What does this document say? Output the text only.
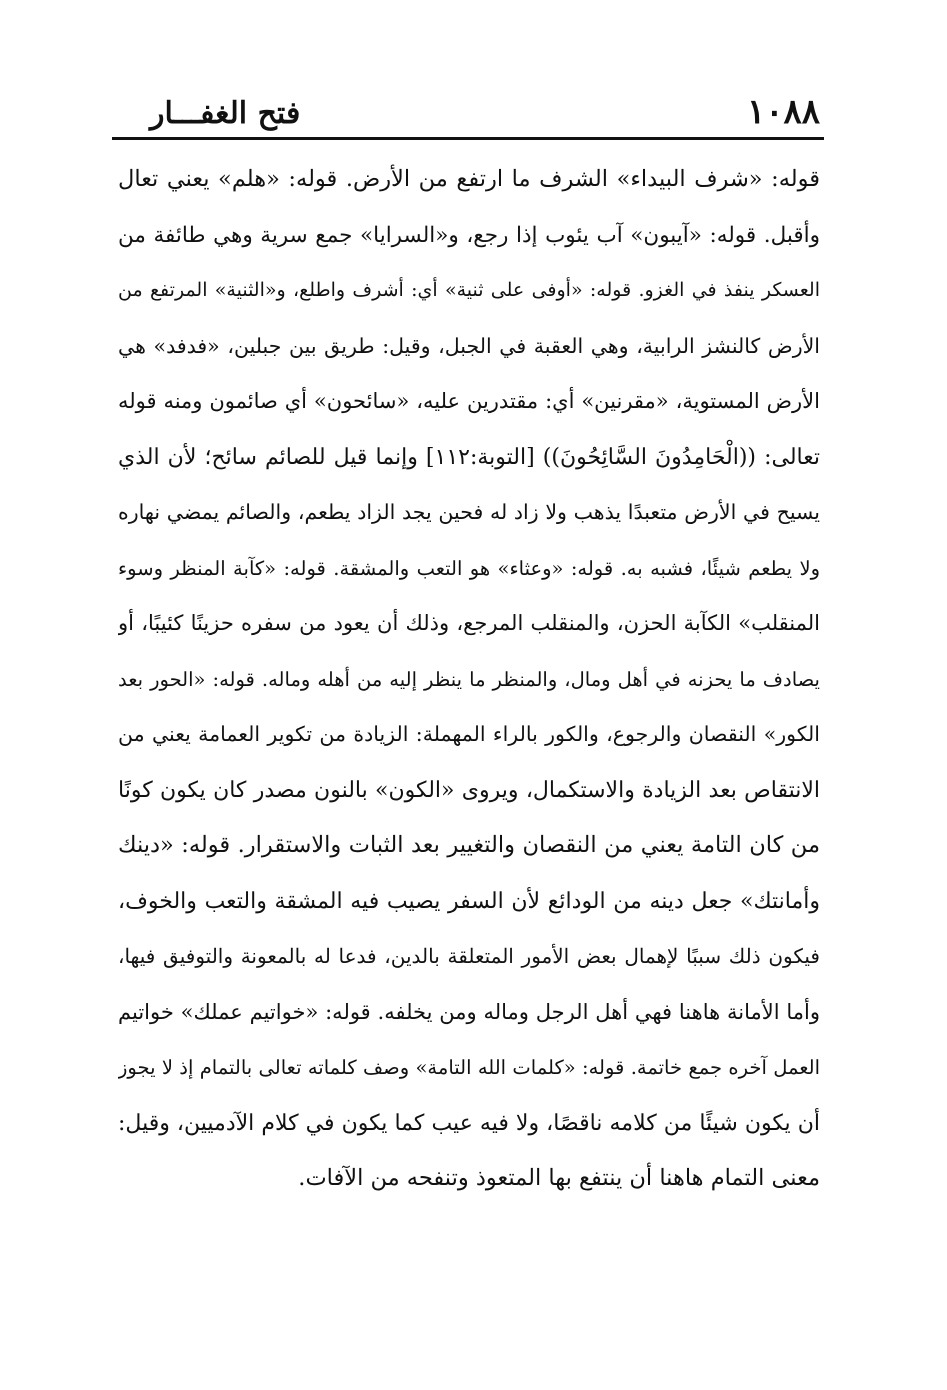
١٠٨٨
فتح الغفـــار
قوله: «شرف البيداء» الشرف ما ارتفع من الأرض. قوله: «هلم» يعني تعال
وأقبل. قوله: «آيبون» آب يئوب إذا رجع، و«السرايا» جمع سرية وهي طائفة من
العسكر ينفذ في الغزو. قوله: «أوفى على ثنية» أي: أشرف واطلع، و«الثنية» المرتفع من
الأرض كالنشز الرابية، وهي العقبة في الجبل، وقيل: طريق بين جبلين، «فدفد» هي
الأرض المستوية، «مقرنين» أي: مقتدرين عليه، «سائحون» أي صائمون ومنه قوله
تعالى: ((الْحَامِدُونَ السَّائِحُونَ)) [التوبة:١١٢] وإنما قيل للصائم سائح؛ لأن الذي
يسيح في الأرض متعبدًا يذهب ولا زاد له فحين يجد الزاد يطعم، والصائم يمضي نهاره
ولا يطعم شيئًا، فشبه به. قوله: «وعثاء» هو التعب والمشقة. قوله: «كآبة المنظر وسوء
المنقلب» الكآبة الحزن، والمنقلب المرجع، وذلك أن يعود من سفره حزينًا كئيبًا، أو
يصادف ما يحزنه في أهل ومال، والمنظر ما ينظر إليه من أهله وماله. قوله: «الحور بعد
الكور» النقصان والرجوع، والكور بالراء المهملة: الزيادة من تكوير العمامة يعني من
الانتقاص بعد الزيادة والاستكمال، ويروى «الكون» بالنون مصدر كان يكون كونًا
من كان التامة يعني من النقصان والتغيير بعد الثبات والاستقرار. قوله: «دينك
وأمانتك» جعل دينه من الودائع لأن السفر يصيب فيه المشقة والتعب والخوف،
فيكون ذلك سببًا لإهمال بعض الأمور المتعلقة بالدين، فدعا له بالمعونة والتوفيق فيها،
وأما الأمانة هاهنا فهي أهل الرجل وماله ومن يخلفه. قوله: «خواتيم عملك» خواتيم
العمل آخره جمع خاتمة. قوله: «كلمات الله التامة» وصف كلماته تعالى بالتمام إذ لا يجوز
أن يكون شيئًا من كلامه ناقصًا، ولا فيه عيب كما يكون في كلام الآدميين، وقيل:
معنى التمام هاهنا أن ينتفع بها المتعوذ وتنفحه من الآفات.
